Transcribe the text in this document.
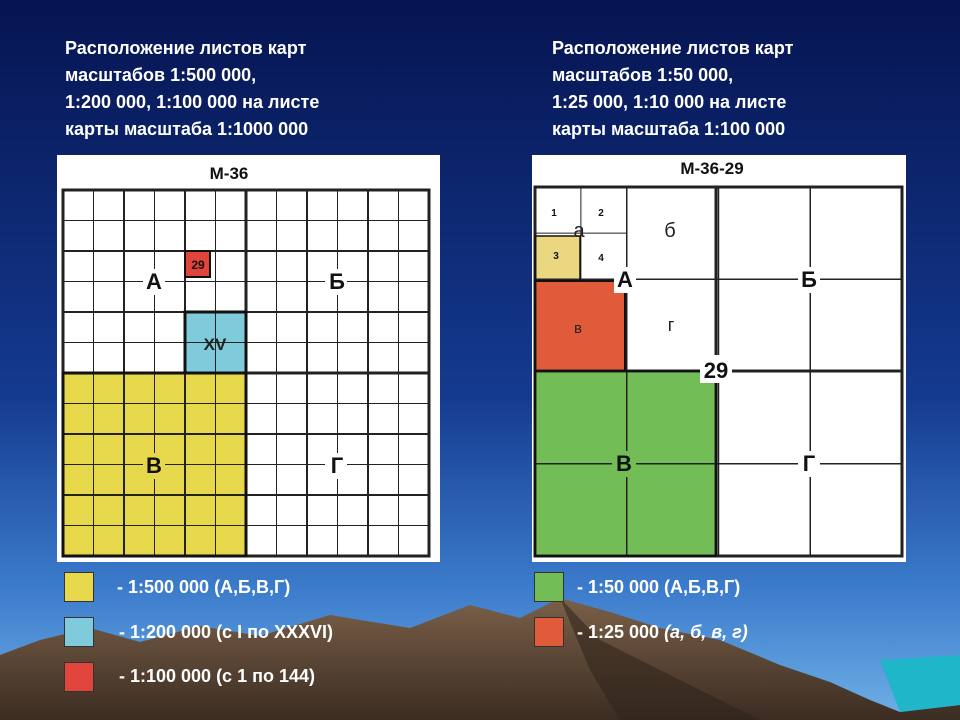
Расположение листов карт
масштабов 1:500 000,
1:200 000, 1:100 000 на листе
карты масштаба 1:1000 000
Расположение листов карт
масштабов 1:50 000,
1:25 000, 1:10 000 на листе
карты масштаба 1:100 000
М-36
А	Б
В	Г
XV
29
М-36-29
1	2
3	4
а	б
в	г
А	Б
В	Г
29
- 1:500 000 (А,Б,В,Г)
- 1:200 000 (с I по XXXVI)
- 1:100 000 (с 1 по 144)
- 1:50 000 (А,Б,В,Г)
- 1:25 000 (а, б, в, г)
